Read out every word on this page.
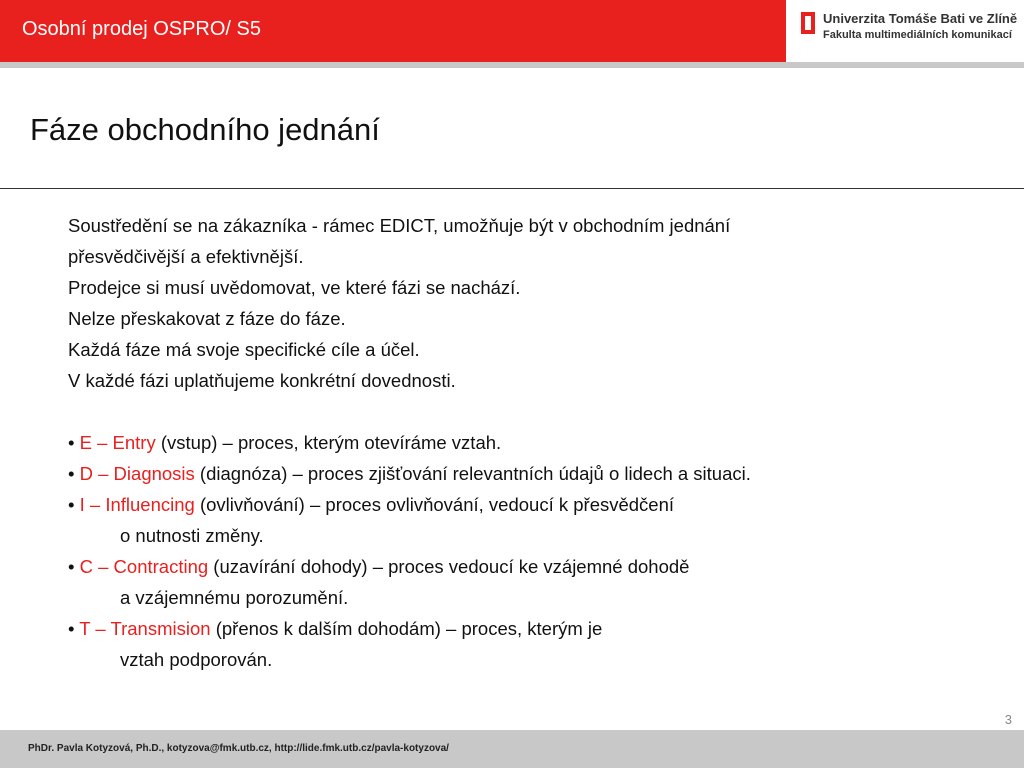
Osobní prodej OSPRO/ S5	Univerzita Tomáše Bati ve Zlíně
Fakulta multimediálních komunikací
Fáze obchodního jednání

Soustředění se na zákazníka - rámec EDICT, umožňuje být v obchodním jednání

přesvědčivější a efektivnější.

Prodejce si musí uvědomovat, ve které fázi se nachází.

Nelze přeskakovat z fáze do fáze.

Každá fáze má svoje specifické cíle a účel.

V každé fázi uplatňujeme konkrétní dovednosti.

• E – Entry (vstup) – proces, kterým otevíráme vztah.

• D – Diagnosis (diagnóza) – proces zjišťování relevantních údajů o lidech a situaci.

• I – Influencing (ovlivňování) – proces ovlivňování, vedoucí k přesvědčení

o nutnosti změny.

• C – Contracting (uzavírání dohody) – proces vedoucí ke vzájemné dohodě

a vzájemnému porozumění.

• T – Transmision (přenos k dalším dohodám) – proces, kterým je

vztah podporován.

3
PhDr. Pavla Kotyzová, Ph.D., kotyzova@fmk.utb.cz, http://lide.fmk.utb.cz/pavla-kotyzova/
